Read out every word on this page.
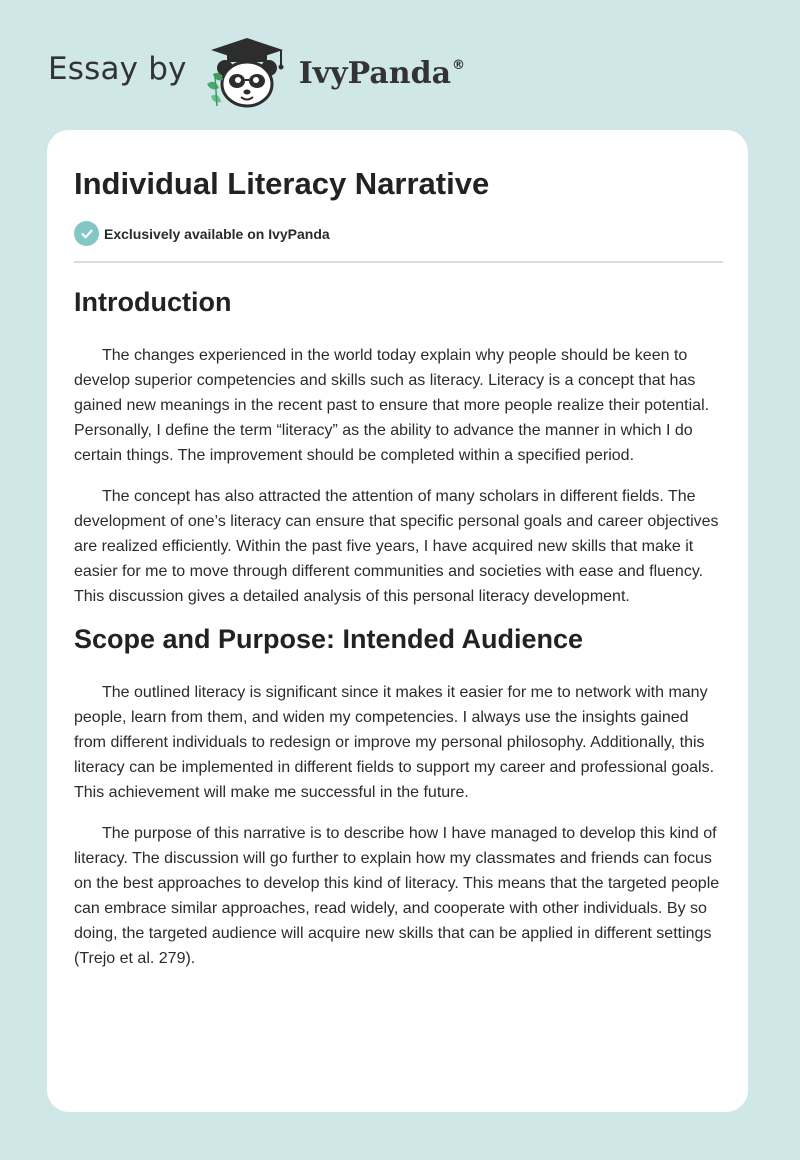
Essay by	IvyPanda®
Individual Literacy Narrative
Exclusively available on IvyPanda
Introduction

The changes experienced in the world today explain why people should be keen to develop superior competencies and skills such as literacy. Literacy is a concept that has gained new meanings in the recent past to ensure that more people realize their potential. Personally, I define the term “literacy” as the ability to advance the manner in which I do certain things. The improvement should be completed within a specified period.

The concept has also attracted the attention of many scholars in different fields. The development of one’s literacy can ensure that specific personal goals and career objectives are realized efficiently. Within the past five years, I have acquired new skills that make it easier for me to move through different communities and societies with ease and fluency. This discussion gives a detailed analysis of this personal literacy development.

Scope and Purpose: Intended Audience

The outlined literacy is significant since it makes it easier for me to network with many people, learn from them, and widen my competencies. I always use the insights gained from different individuals to redesign or improve my personal philosophy. Additionally, this literacy can be implemented in different fields to support my career and professional goals. This achievement will make me successful in the future.

The purpose of this narrative is to describe how I have managed to develop this kind of literacy. The discussion will go further to explain how my classmates and friends can focus on the best approaches to develop this kind of literacy. This means that the targeted people can embrace similar approaches, read widely, and cooperate with other individuals. By so doing, the targeted audience will acquire new skills that can be applied in different settings (Trejo et al. 279).
